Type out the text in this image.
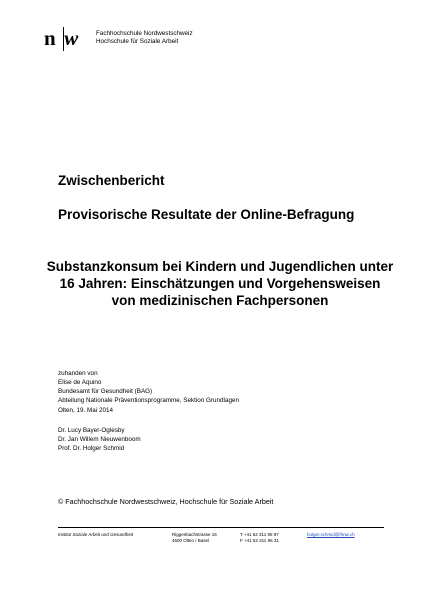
n w	Fachhochschule Nordwestschweiz
Hochschule für Soziale Arbeit
Zwischenbericht
Provisorische Resultate der Online-Befragung
Substanzkonsum bei Kindern und Jugendlichen unter
16 Jahren: Einschätzungen und Vorgehensweisen
von medizinischen Fachpersonen
zuhanden von
Elise de Aquino
Bundesamt für Gesundheit (BAG)
Abteilung Nationale Präventionsprogramme, Sektion Grundlagen
Olten, 19. Mai 2014
Dr. Lucy Bayer-Oglesby
Dr. Jan Willem Nieuwenboom
Prof. Dr. Holger Schmid
© Fachhochschule Nordwestschweiz, Hochschule für Soziale Arbeit
Institut Soziale Arbeit und Gesundheit	Riggenbachstrasse 16
4600 Olten / Basel
T +41 62 311 95 97
F +41 62 311 96 31
holger.schmid@fhnw.ch
